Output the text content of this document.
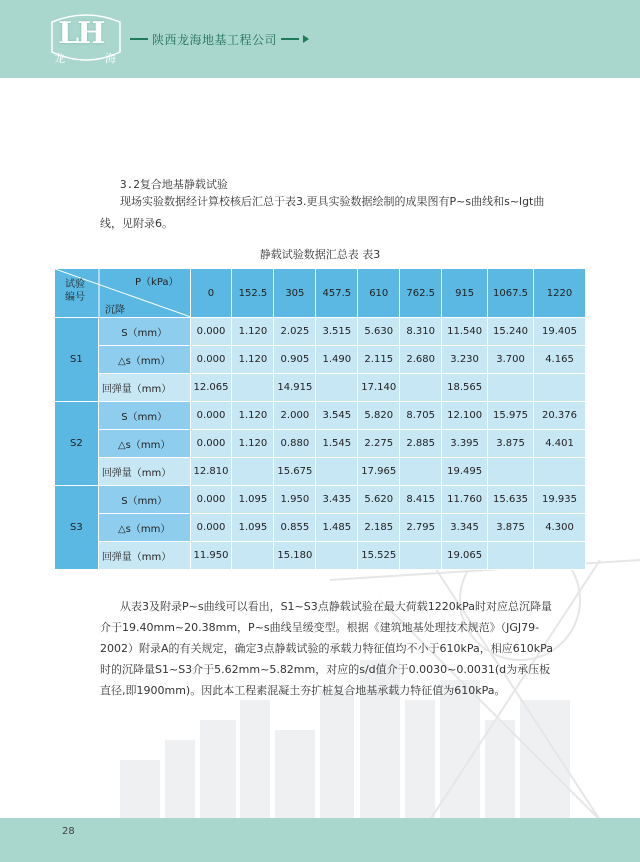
LH
龙	海
陕西龙海地基工程公司
3.2复合地基静载试验
现场实验数据经计算校核后汇总于表3.更具实验数据绘制的成果图有P~s曲线和s~lgt曲线，见附录6。
静载试验数据汇总表 表3
P（kPa）
试验
编号
沉降		0	152.5	305	457.5	610	762.5	915	1067.5	1220
S1	S（mm）	0.000	1.120	2.025	3.515	5.630	8.310	11.540	15.240	19.405
	△s（mm）	0.000	1.120	0.905	1.490	2.115	2.680	3.230	3.700	4.165
	回弹量（mm）	12.065		14.915		17.140		18.565		
S2	S（mm）	0.000	1.120	2.000	3.545	5.820	8.705	12.100	15.975	20.376
	△s（mm）	0.000	1.120	0.880	1.545	2.275	2.885	3.395	3.875	4.401
	回弹量（mm）	12.810		15.675		17.965		19.495		
S3	S（mm）	0.000	1.095	1.950	3.435	5.620	8.415	11.760	15.635	19.935
	△s（mm）	0.000	1.095	0.855	1.485	2.185	2.795	3.345	3.875	4.300
	回弹量（mm）	11.950		15.180		15.525		19.065		
从表3及附录P~s曲线可以看出，S1~S3点静载试验在最大荷载1220kPa时对应总沉降量介于19.40mm~20.38mm，P~s曲线呈缓变型。根据《建筑地基处理技术规范》（JGJ79-2002）附录A的有关规定，确定3点静载试验的承载力特征值均不小于610kPa，相应610kPa时的沉降量S1~S3介于5.62mm~5.82mm，对应的s/d值介于0.0030~0.0031(d为承压板直径,即1900mm)。因此本工程素混凝土夯扩桩复合地基承载力特征值为610kPa。
28
